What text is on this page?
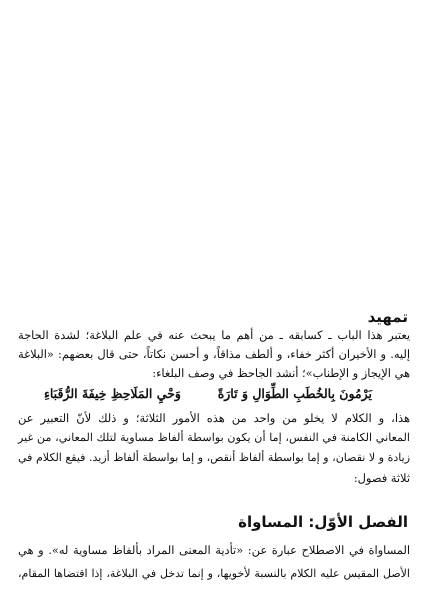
تمهيد
يعتبر هذا الباب ـ كسابقه ـ من أهم ما يبحث عنه في علم البلاغة؛ لشدة الحاجة
إليه. و الأخيران أكثر خفاء، و ألطف مذاقاً، و أحسن نكاتاً، حتى قال بعضهم: «البلاغة
هي الإيجاز و الإطناب»؛ أنشد الجاحظ في وصف البلغاء:
يَرْمُونَ بِالخُطَبِ الطِّوَالِ وَ تَارَةً
وَحْيِ المَلَاحِظِ خِيفَةَ الرُّقَبَاءِ
هذا، و الكلام لا يخلو من واحد من هذه الأمور الثلاثة؛ و ذلك لأنّ التعبير عن
المعاني الكامنة في النفس، إما أن يكون بواسطة ألفاظ مساوية لتلك المعاني، من غير
زيادة و لا نقصان، و إما بواسطة ألفاظ أنقص، و إما بواسطة ألفاظ أزيد. فيقع الكلام في
ثلاثة فصول:
الفصل الأوّل: المساواة
المساواة في الاصطلاح عبارة عن: «تأدية المعنى المراد بألفاظ مساوية له». و هي
الأصل المقيس عليه الكلام بالنسبة لأخويها، و إنما تدخل في البلاغة، إذا اقتضاها المقام،
